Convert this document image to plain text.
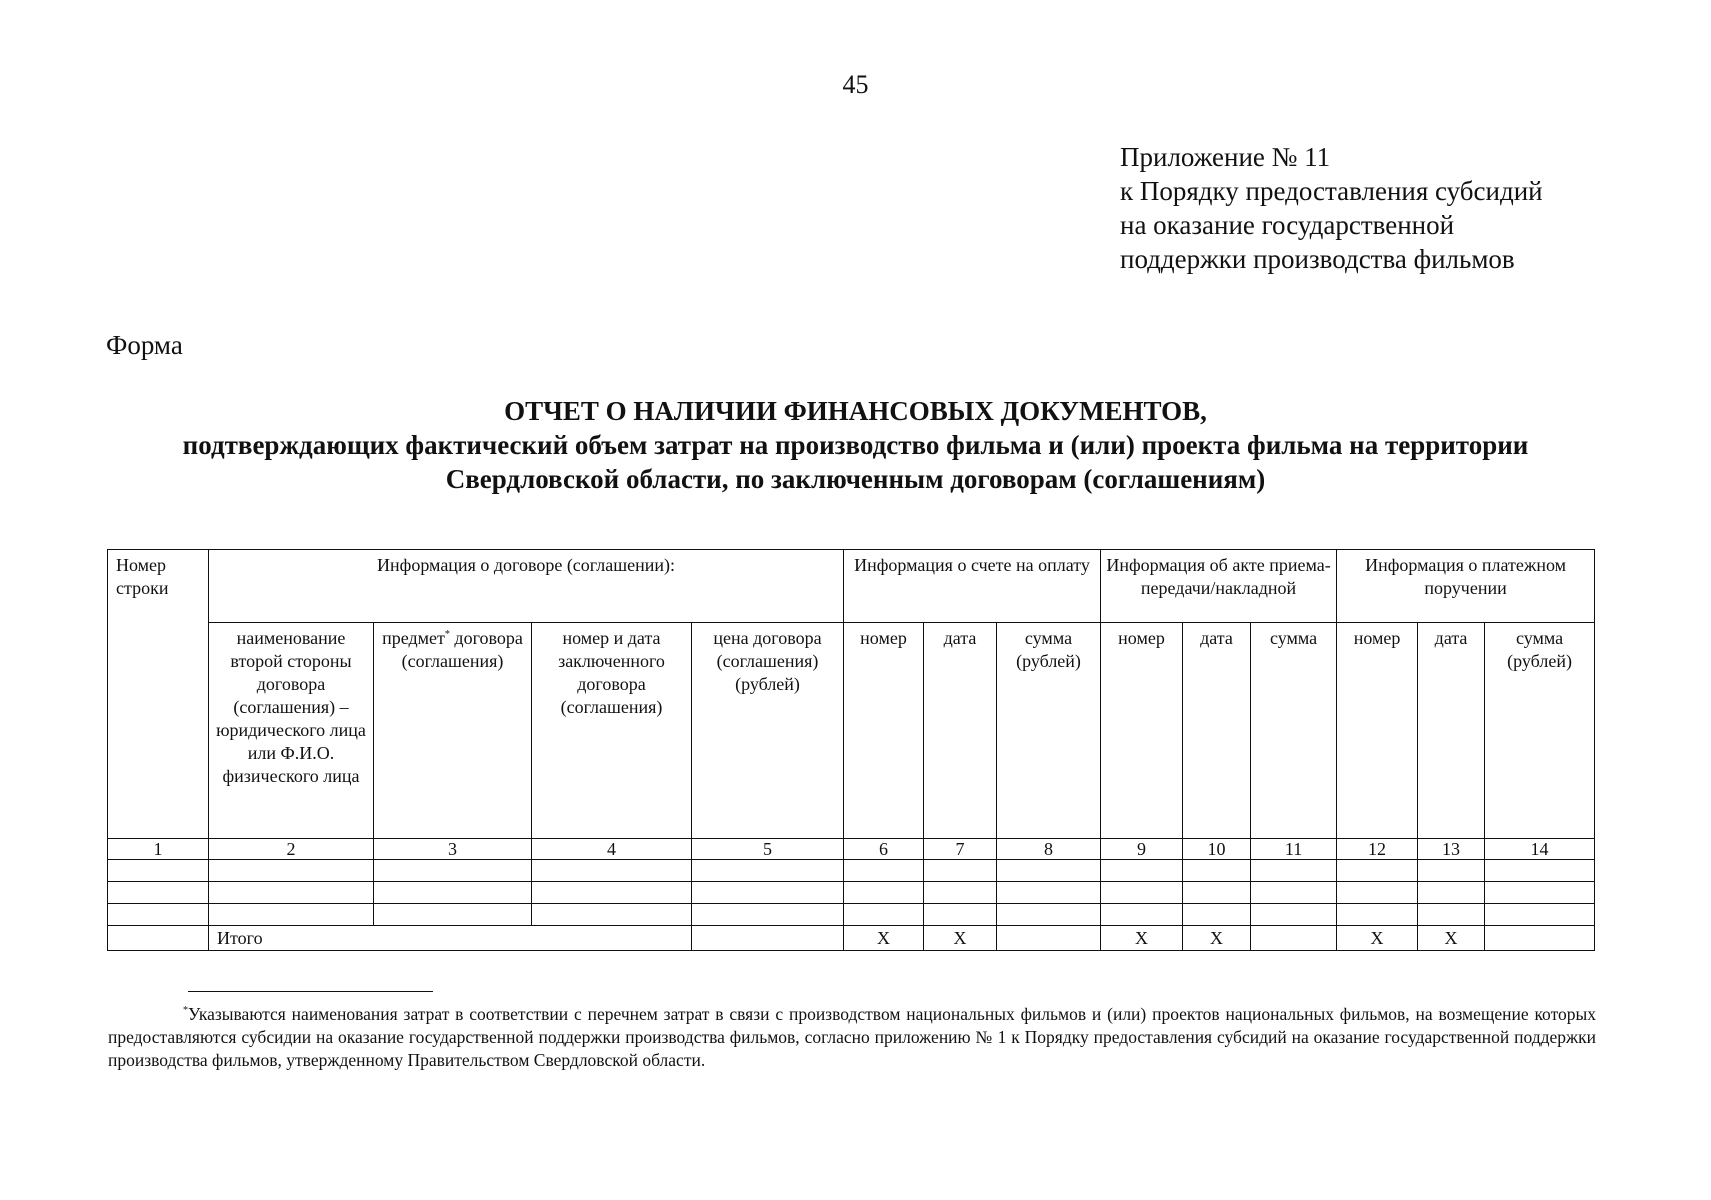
45
Приложение № 11
к Порядку предоставления субсидий
на оказание государственной
поддержки производства фильмов
Форма
ОТЧЕТ О НАЛИЧИИ ФИНАНСОВЫХ ДОКУМЕНТОВ,
подтверждающих фактический объем затрат на производство фильма и (или) проекта фильма на территории
Свердловской области, по заключенным договорам (соглашениям)
Номер строки	Информация о договоре (соглашении):				Информация о счете на оплату			Информация об акте приема-передачи/накладной			Информация о платежном поручении		
	наименование второй стороны договора (соглашения) – юридического лица или Ф.И.О. физического лица	предмет* договора (соглашения)	номер и дата заключенного договора (соглашения)	цена договора (соглашения) (рублей)	номер	дата	сумма (рублей)	номер	дата	сумма	номер	дата	сумма (рублей)
1	2	3	4	5	6	7	8	9	10	11	12	13	14

	Итого				X	X		X	X		X	X	
*Указываются наименования затрат в соответствии с перечнем затрат в связи с производством национальных фильмов и (или) проектов национальных фильмов, на возмещение которых предоставляются субсидии на оказание государственной поддержки производства фильмов, согласно приложению № 1 к Порядку предоставления субсидий на оказание государственной поддержки производства фильмов, утвержденному Правительством Свердловской области.
